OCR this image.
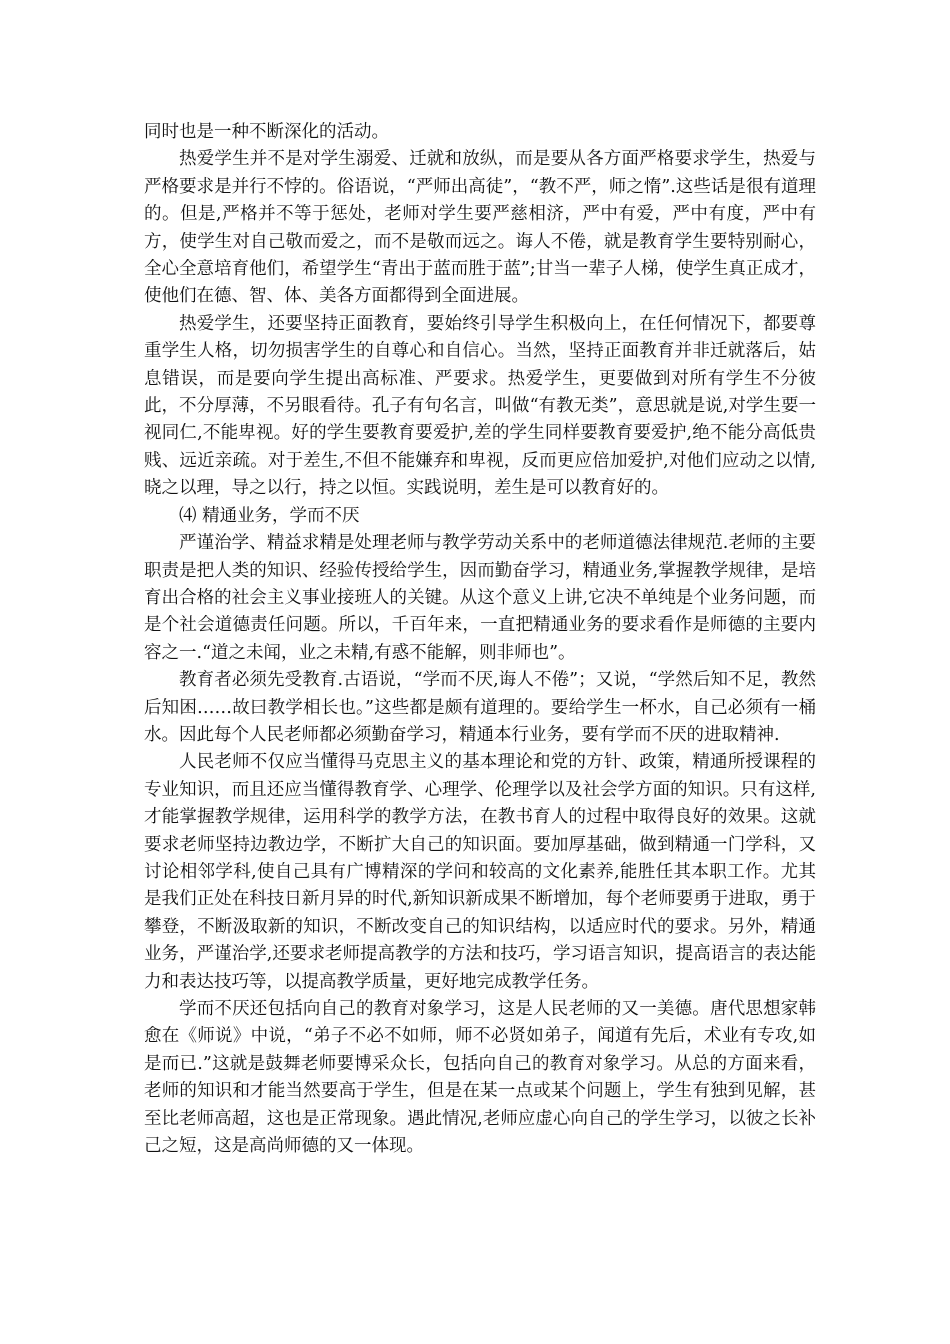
同时也是一种不断深化的活动。

热爱学生并不是对学生溺爱、迁就和放纵，而是要从各方面严格要求学生，热爱与严格要求是并行不悖的。俗语说，“严师出高徒”，“教不严，师之惰”.这些话是很有道理的。但是,严格并不等于惩处，老师对学生要严慈相济，严中有爱，严中有度，严中有方，使学生对自己敬而爱之，而不是敬而远之。诲人不倦，就是教育学生要特别耐心，全心全意培育他们，希望学生“青出于蓝而胜于蓝”;甘当一辈子人梯，使学生真正成才，使他们在德、智、体、美各方面都得到全面进展。

热爱学生，还要坚持正面教育，要始终引导学生积极向上，在任何情况下，都要尊重学生人格，切勿损害学生的自尊心和自信心。当然，坚持正面教育并非迁就落后，姑息错误，而是要向学生提出高标准、严要求。热爱学生，更要做到对所有学生不分彼此，不分厚薄，不另眼看待。孔子有句名言，叫做“有教无类”，意思就是说,对学生要一视同仁,不能卑视。好的学生要教育要爱护,差的学生同样要教育要爱护,绝不能分高低贵贱、远近亲疏。对于差生,不但不能嫌弃和卑视，反而更应倍加爱护,对他们应动之以情,晓之以理，导之以行，持之以恒。实践说明，差生是可以教育好的。

⑷ 精通业务，学而不厌

严谨治学、精益求精是处理老师与教学劳动关系中的老师道德法律规范.老师的主要职责是把人类的知识、经验传授给学生，因而勤奋学习，精通业务,掌握教学规律，是培育出合格的社会主义事业接班人的关键。从这个意义上讲,它决不单纯是个业务问题，而是个社会道德责任问题。所以，千百年来，一直把精通业务的要求看作是师德的主要内容之一.“道之未闻，业之未精,有惑不能解，则非师也”。

教育者必须先受教育.古语说，“学而不厌,诲人不倦”；又说，“学然后知不足，教然后知困……故曰教学相长也。”这些都是颇有道理的。要给学生一杯水，自己必须有一桶水。因此每个人民老师都必须勤奋学习，精通本行业务，要有学而不厌的进取精神.

人民老师不仅应当懂得马克思主义的基本理论和党的方针、政策，精通所授课程的专业知识，而且还应当懂得教育学、心理学、伦理学以及社会学方面的知识。只有这样,才能掌握教学规律，运用科学的教学方法，在教书育人的过程中取得良好的效果。这就要求老师坚持边教边学，不断扩大自己的知识面。要加厚基础，做到精通一门学科，又讨论相邻学科,使自己具有广博精深的学问和较高的文化素养,能胜任其本职工作。尤其是我们正处在科技日新月异的时代,新知识新成果不断增加，每个老师要勇于进取，勇于攀登，不断汲取新的知识，不断改变自己的知识结构，以适应时代的要求。另外，精通业务，严谨治学,还要求老师提高教学的方法和技巧，学习语言知识，提高语言的表达能力和表达技巧等，以提高教学质量，更好地完成教学任务。

学而不厌还包括向自己的教育对象学习，这是人民老师的又一美德。唐代思想家韩愈在《师说》中说，“弟子不必不如师，师不必贤如弟子，闻道有先后，术业有专攻,如是而已.”这就是鼓舞老师要博采众长，包括向自己的教育对象学习。从总的方面来看，老师的知识和才能当然要高于学生，但是在某一点或某个问题上，学生有独到见解，甚至比老师高超，这也是正常现象。遇此情况,老师应虚心向自己的学生学习，以彼之长补己之短，这是高尚师德的又一体现。
